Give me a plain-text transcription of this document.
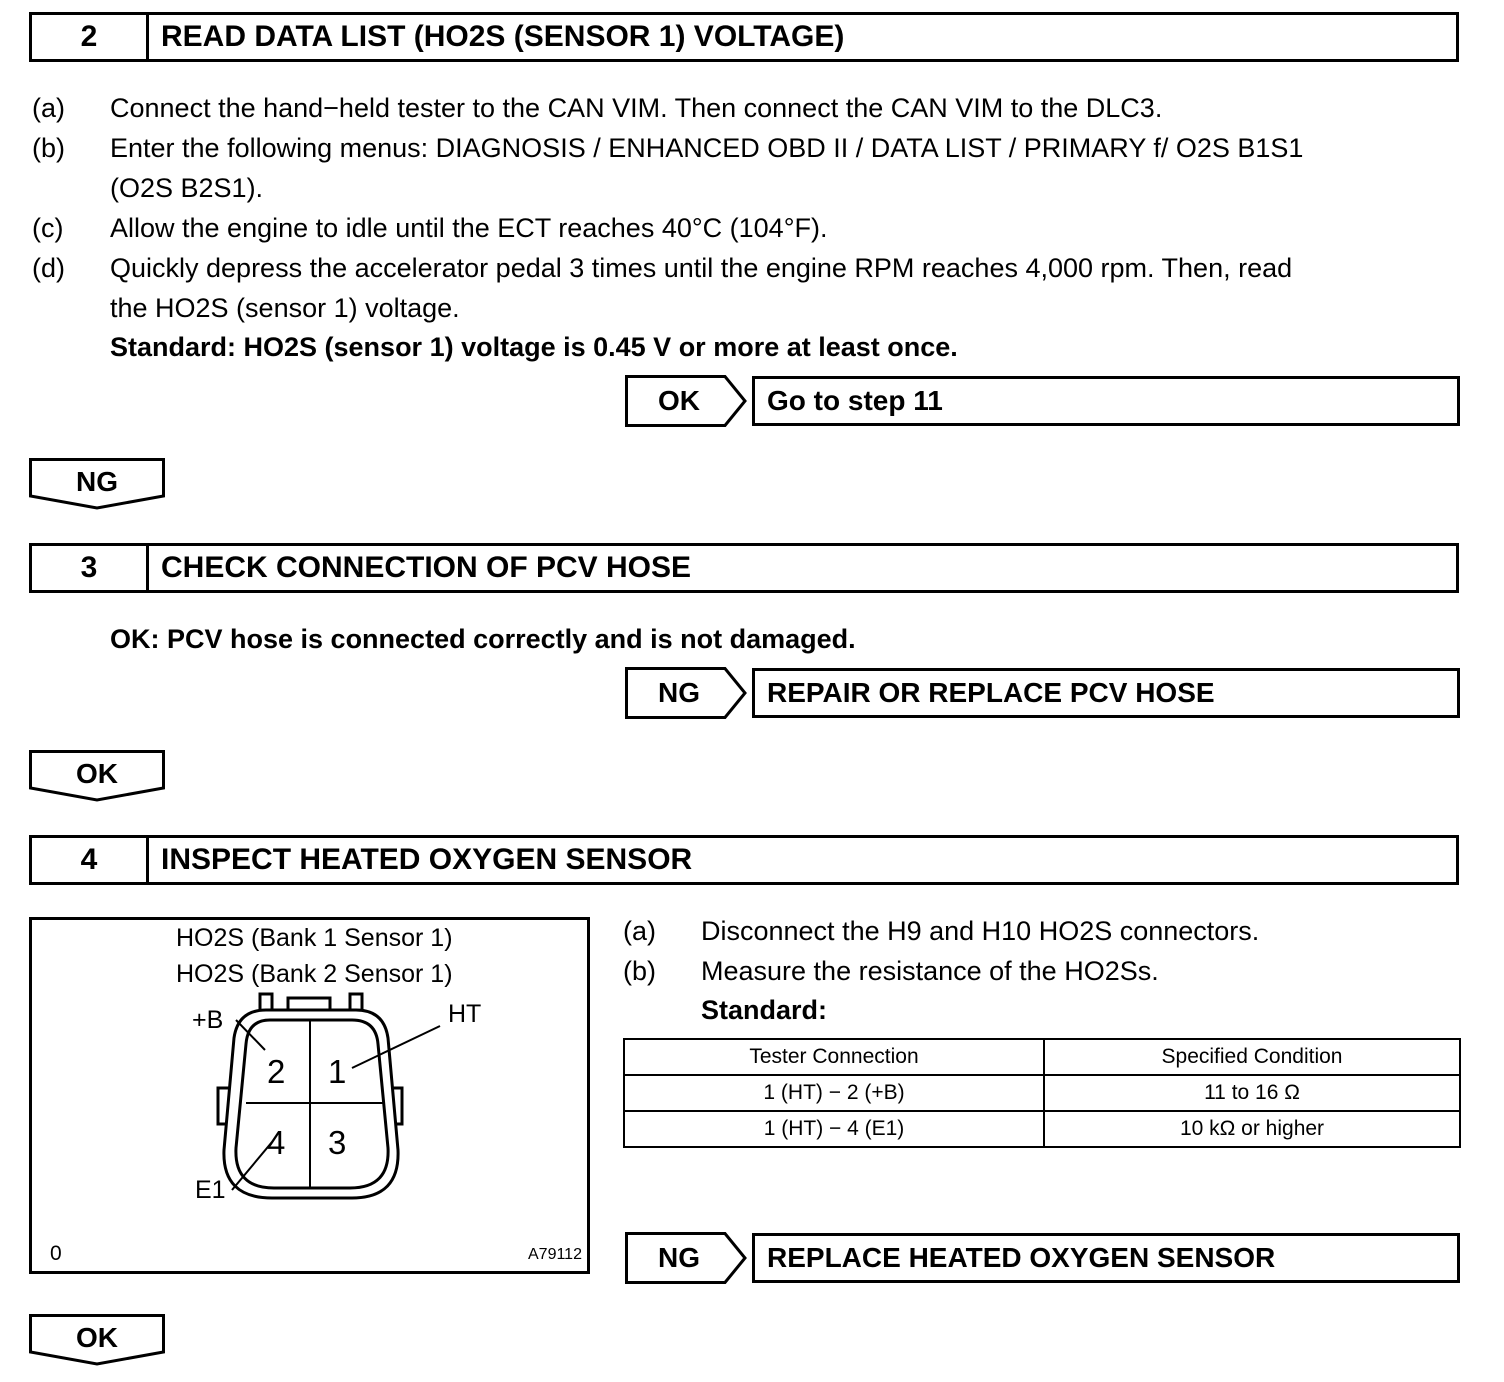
2	READ DATA LIST (HO2S (SENSOR 1) VOLTAGE)
(a) Connect the hand−held tester to the CAN VIM. Then connect the CAN VIM to the DLC3.
(b) Enter the following menus: DIAGNOSIS / ENHANCED OBD II / DATA LIST / PRIMARY f/ O2S B1S1
(O2S B2S1).
(c) Allow the engine to idle until the ECT reaches 40°C (104°F).
(d) Quickly depress the accelerator pedal 3 times until the engine RPM reaches 4,000 rpm. Then, read
the HO2S (sensor 1) voltage.
Standard: HO2S (sensor 1) voltage is 0.45 V or more at least once.
OK	Go to step 11
NG
3	CHECK CONNECTION OF PCV HOSE
OK: PCV hose is connected correctly and is not damaged.
NG	REPAIR OR REPLACE PCV HOSE
OK
4	INSPECT HEATED OXYGEN SENSOR
HO2S (Bank 1 Sensor 1)
HO2S (Bank 2 Sensor 1)
+B	HT
E1
0	A79112
2 1
4 3
(a) Disconnect the H9 and H10 HO2S connectors.
(b) Measure the resistance of the HO2Ss.
Standard:
Tester Connection	Specified Condition
1 (HT) − 2 (+B)	11 to 16 Ω
1 (HT) − 4 (E1)	10 kΩ or higher
NG	REPLACE HEATED OXYGEN SENSOR
OK
